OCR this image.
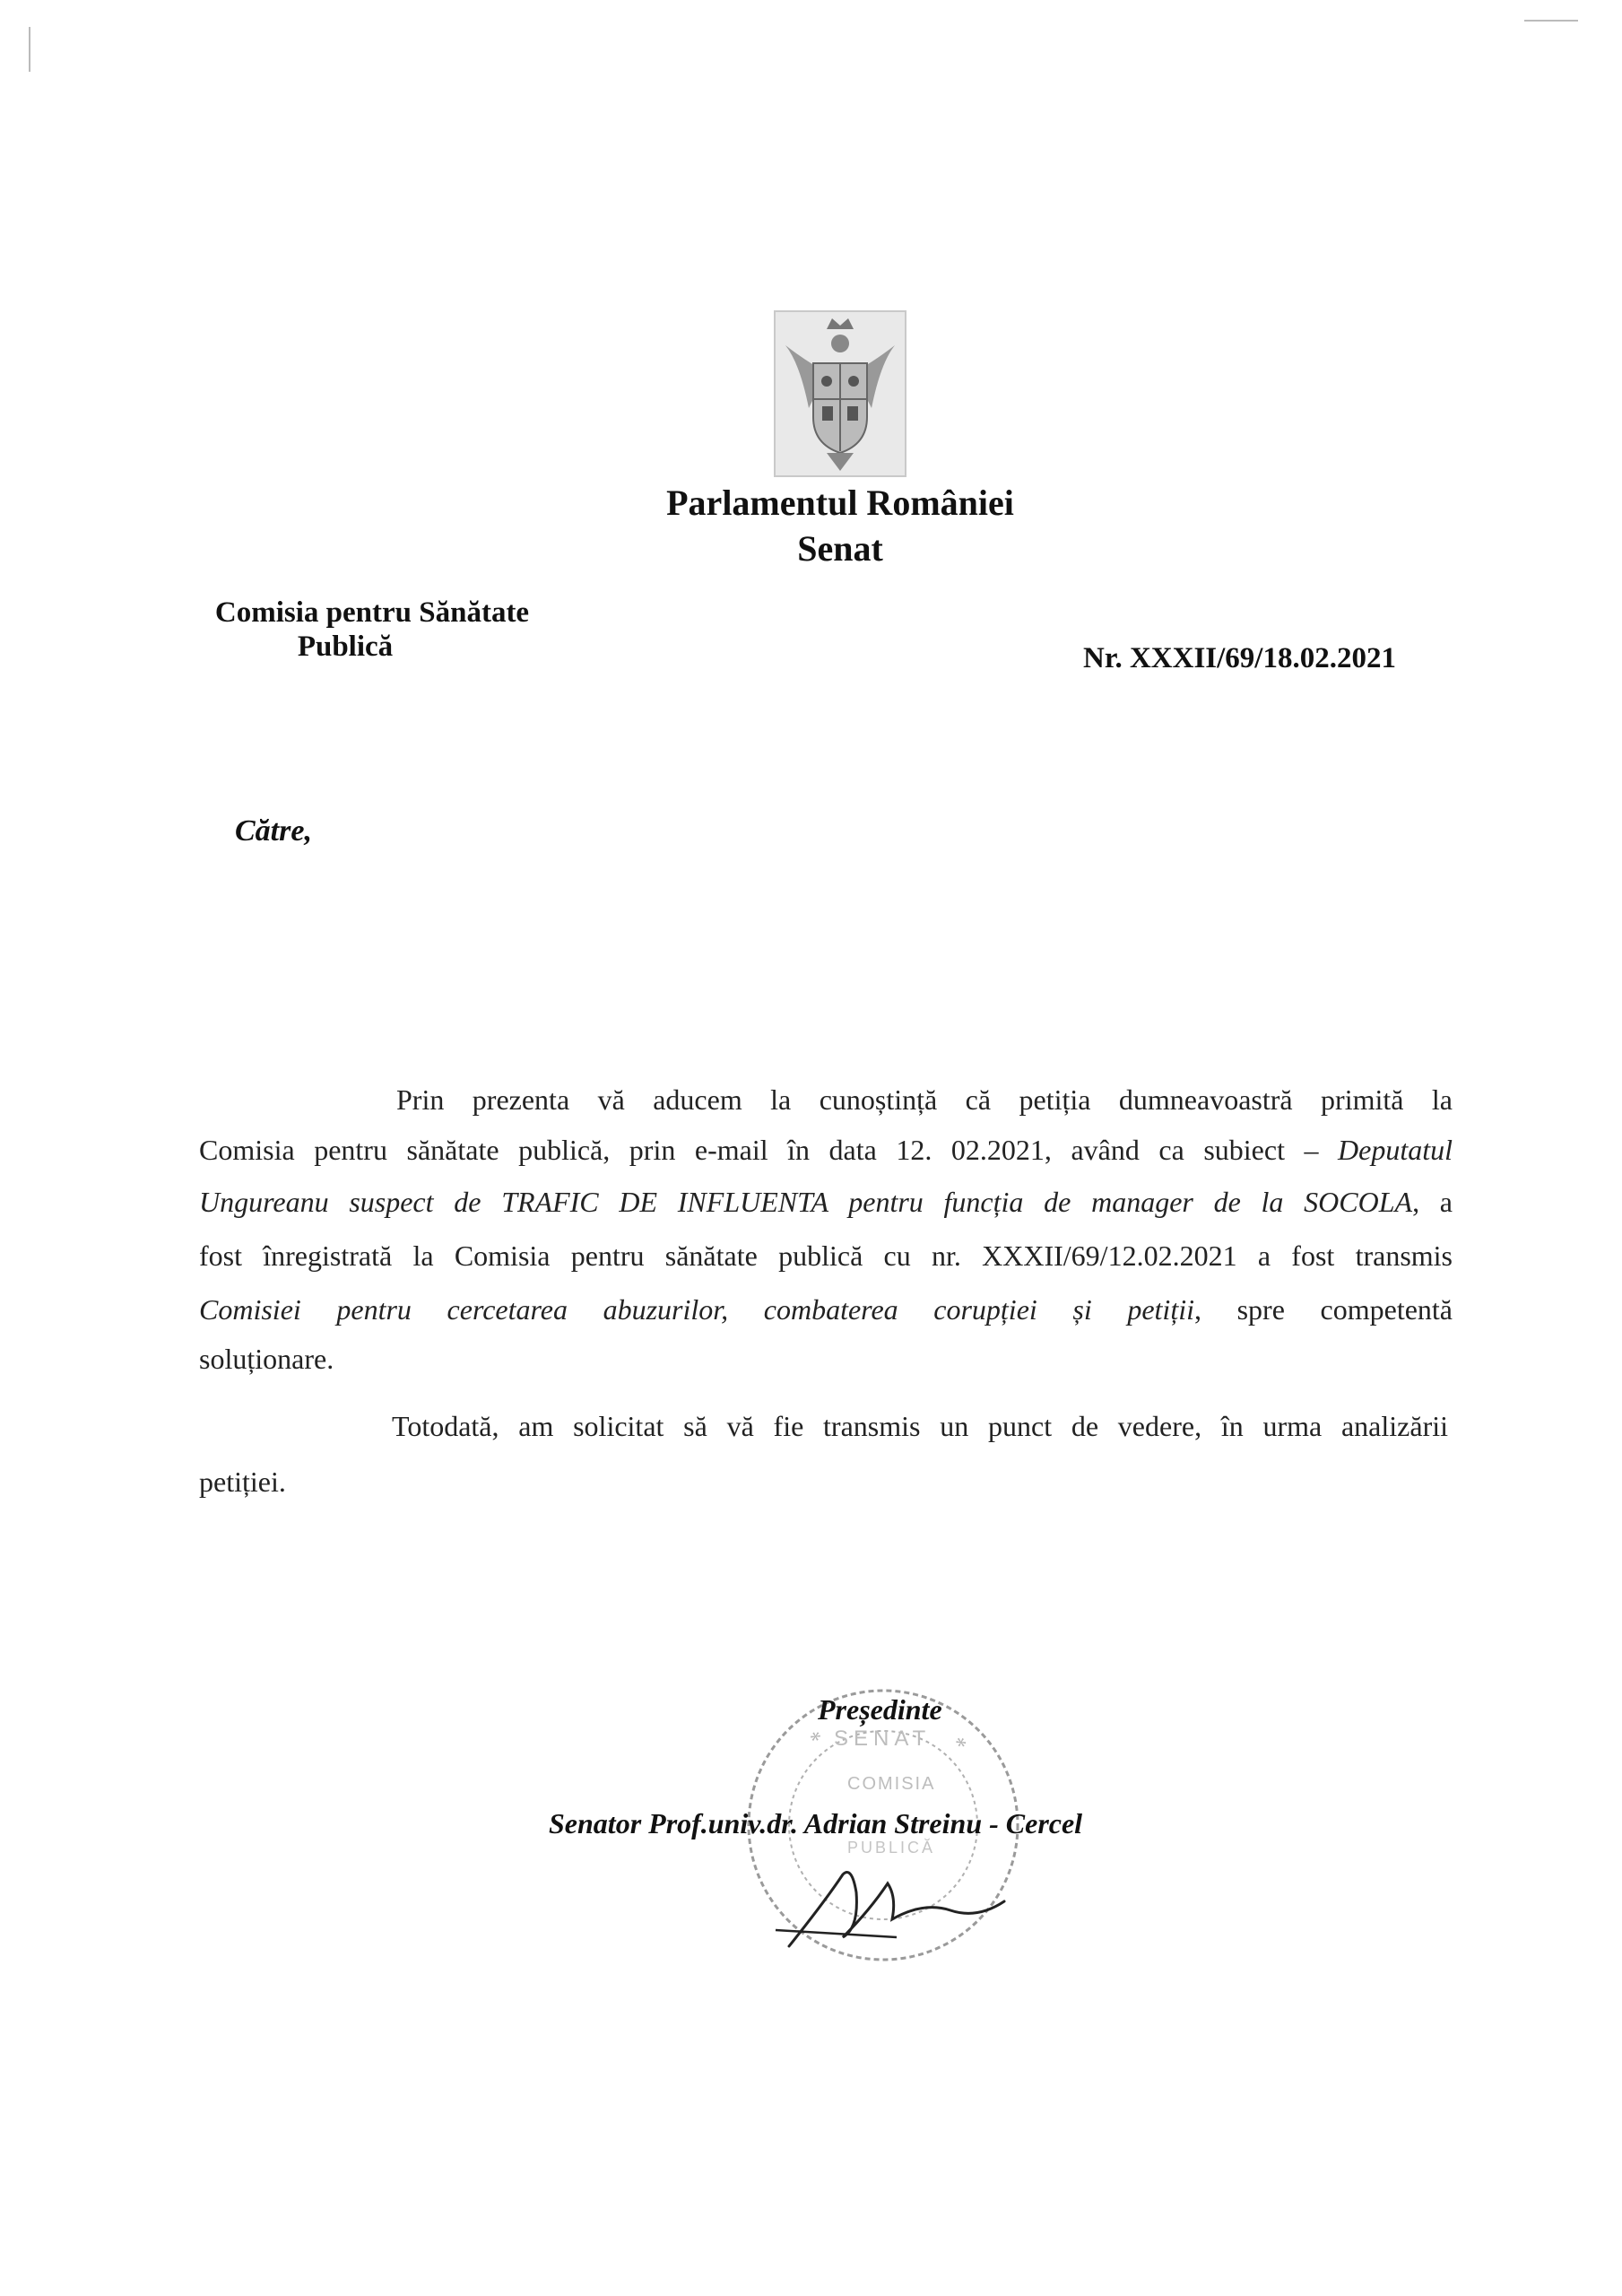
Parlamentul României
Senat
Comisia pentru Sănătate
Publică	Nr. XXXII/69/18.02.2021
Către,
Prin prezenta vă aducem la cunoștință că petiția dumneavoastră primită la
Comisia pentru sănătate publică, prin e-mail în data 12. 02.2021, având ca subiect – Deputatul
Ungureanu suspect de TRAFIC DE INFLUENTA pentru funcția de manager de la SOCOLA, a
fost înregistrată la Comisia pentru sănătate publică cu nr. XXXII/69/12.02.2021 a fost transmis
Comisiei pentru cercetarea abuzurilor, combaterea corupției și petiții, spre competentă
soluționare.
Totodată, am solicitat să vă fie transmis un punct de vedere, în urma analizării
petiției.
*	*
SENAT
COMISIA
PUBLICĂ
Președinte
Senator Prof.univ.dr. Adrian Streinu - Cercel
